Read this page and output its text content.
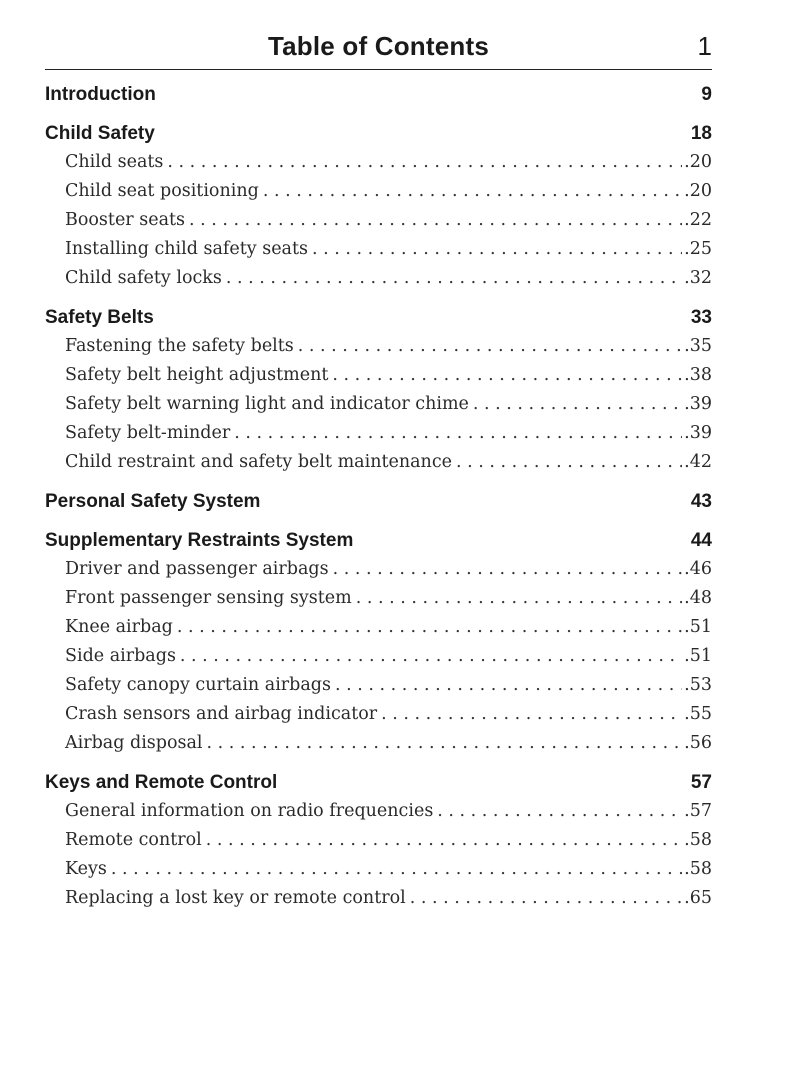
Table of Contents	1
Introduction	9
Child Safety	18
Child seats . . .	.20
Child seat positioning . . .	.20
Booster seats . . .	.22
Installing child safety seats . . .	.25
Child safety locks . . .	.32
Safety Belts	33
Fastening the safety belts . . .	.35
Safety belt height adjustment . . .	.38
Safety belt warning light and indicator chime . . .	.39
Safety belt-minder . . .	.39
Child restraint and safety belt maintenance . . .	.42
Personal Safety System	43
Supplementary Restraints System	44
Driver and passenger airbags . . .	.46
Front passenger sensing system . . .	.48
Knee airbag . . .	.51
Side airbags . . .	.51
Safety canopy curtain airbags . . .	.53
Crash sensors and airbag indicator . . .	.55
Airbag disposal . . .	.56
Keys and Remote Control	57
General information on radio frequencies . . .	.57
Remote control . . .	.58
Keys . . .	.58
Replacing a lost key or remote control . . .	.65
